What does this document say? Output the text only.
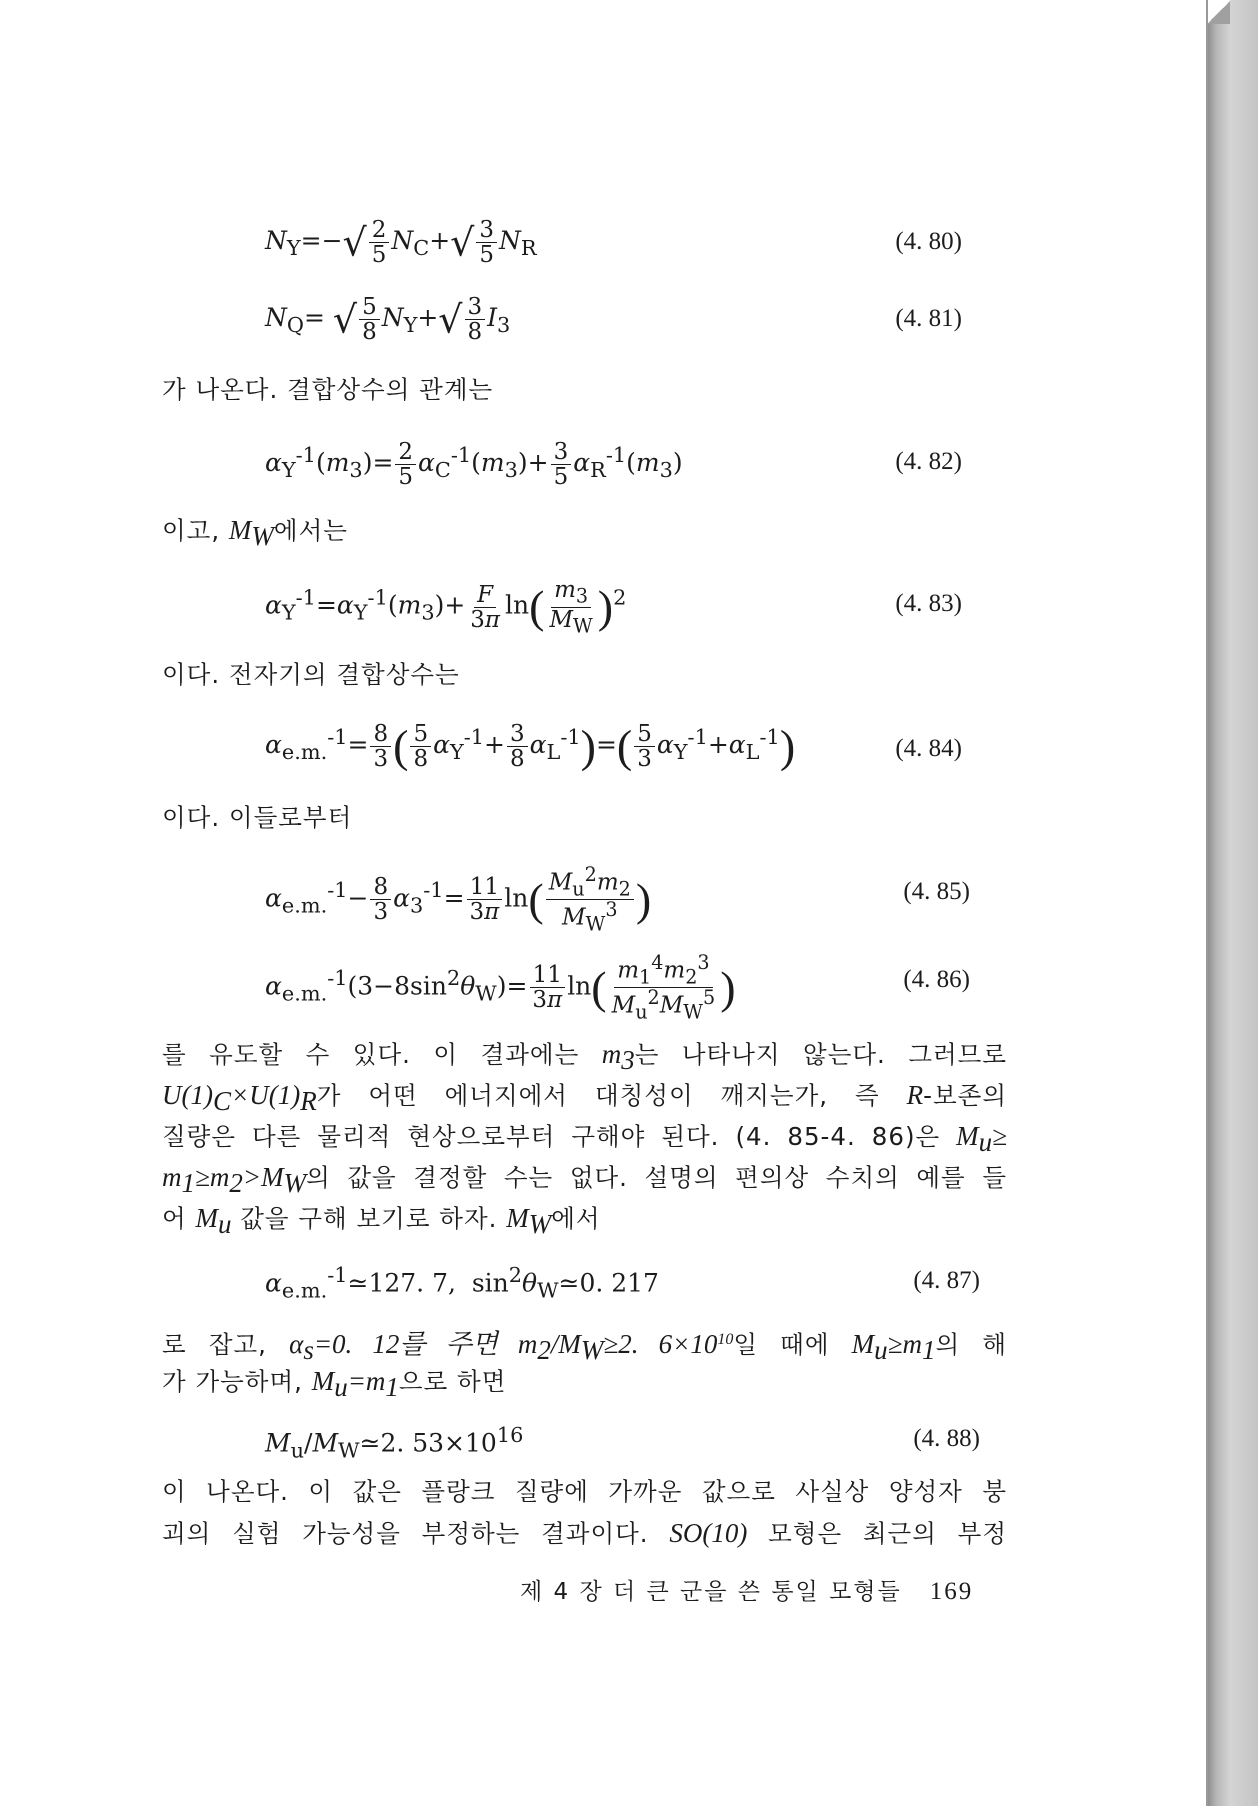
$N_Y=-√ \frac{2}{5} N_C+√ \frac{3}{5} N_R$	(4. 80)
$N_Q=$ √ $\frac{5}{8} N_Y+√ \frac{3}{8} I_3$	(4. 81)
가 나온다. 결합상수의 관계는
$\alpha_Y^{-1}(m_3)= \frac{2}{5} \alpha_C^{-1}(m_3)+ \frac{3}{5} \alpha_R^{-1}(m_3)$	(4. 82)
이고, $M_W$에서는
$\alpha_Y^{-1}=\alpha_Y^{-1}(m_3)+ \frac{F}{3\pi} \ln( \frac{m_3}{M_W} )^2$	(4. 83)
이다. 전자기의 결합상수는
$\alpha_{e.m.}^{-1}= \frac{8}{3}$ ( $\frac{5}{8} \alpha_Y^{-1}+ \frac{3}{8} \alpha_L^{-1})=( \frac{5}{3} \alpha_Y^{-1}+\alpha_L^{-1})$	(4. 84)
이다. 이들로부터
$\alpha_{e.m.}^{-1}- \frac{8}{3} \alpha_3^{-1}= \frac{11}{3\pi} \ln( \frac{M_u^2m_2}{M_W^3}$ )	(4. 85)
$\alpha_{e.m.}^{-1}(3-8\sin^2\theta_W)= \frac{11}{3\pi} \ln( \frac{m_1^4m_2^3}{M_u^2M_W^5}$ )	(4. 86)
를 유도할 수 있다. 이 결과에는 $m_3$는 나타나지 않는다. 그러므로
$U(1)_C\times U(1)_R$가 어떤 에너지에서 대칭성이 깨지는가, 즉 R-보존의
질량은 다른 물리적 현상으로부터 구해야 된다. (4. 85-4. 86)은 $M_u\ge$
$m_1\ge m_2>M_W$의 값을 결정할 수는 없다. 설명의 편의상 수치의 예를 들
어 $M_u$ 값을 구해 보기로 하자. $M_W$에서
$\alpha_{e.m.}^{-1}≃127$. 7,  $\sin^2\theta_W≃0$. 217	(4. 87)
로 잡고, $\alpha_s=0$. 12를 주면 $m_2/M_W\ge 2$. $6\times 10^{10}$일 때에 $M_u\ge m_1$의 해
가 가능하며, $M_u=m_1$으로 하면
$M_u/M_W≃2$. $53\times 10^{16}$	(4. 88)
이 나온다. 이 값은 플랑크 질량에 가까운 값으로 사실상 양성자 붕
괴의 실험 가능성을 부정하는 결과이다. SO(10) 모형은 최근의 부정
제 4 장 더 큰 군을 쓴 통일 모형들 169
